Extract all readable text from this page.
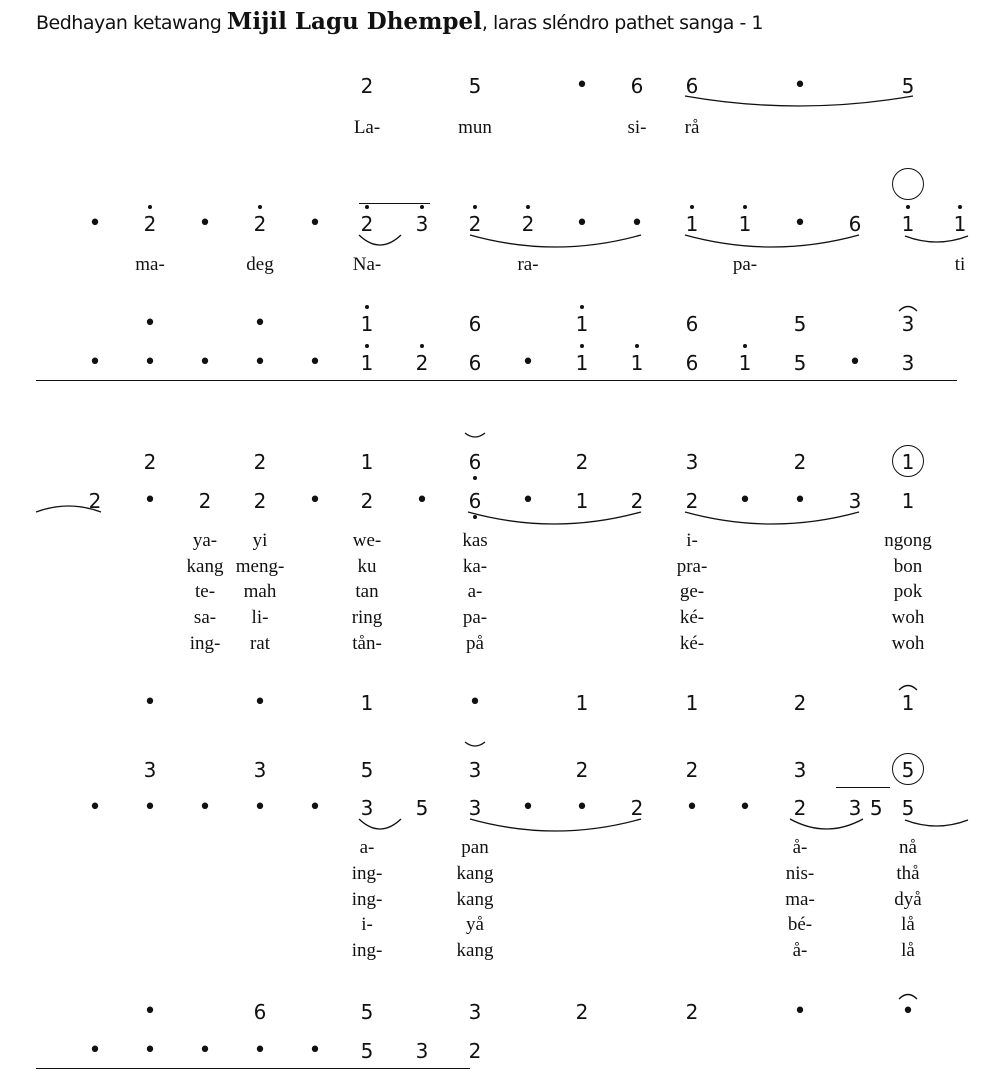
Bedhayan ketawang Mijil Lagu Dhempel, laras sléndro pathet sanga - 1
2	5	• 6 6	•	5
La-	mun	si- rå
• 2 • 2 • 2 3 2 2 • • 1 1 • 6 1 1
ma-	deg	Na-	ra-	pa-	ti
•	•	1	6	1	6	5	3
• • • • • 1 2 6 • 1 1 6 1 5 • 3
2	2	1	6	2	3	2	1
2 • 2 2 • 2 • 6 • 1 2 2 • • 3 1
ya- yi	we-	kas	i-	ngong
kang meng-	ku	ka-	pra-	bon
te- mah	tan	a-	ge-	pok
sa- li-	ring	pa-	ké-	woh
ing- rat	tån-	på	ké-	woh
•	•	1	•	1	1	2	1
3	3	5	3	2	2	3	5
• • • • • 3 5 3 • • 2 • • 2 3 5 5
a-	pan	å-	nå
ing-	kang	nis-	thå
ing-	kang	ma-	dyå
i-	yå	bé-	lå
ing-	kang	å-	lå
•	6	5	3	2	2	•	•
• • • • • 5 3 2
